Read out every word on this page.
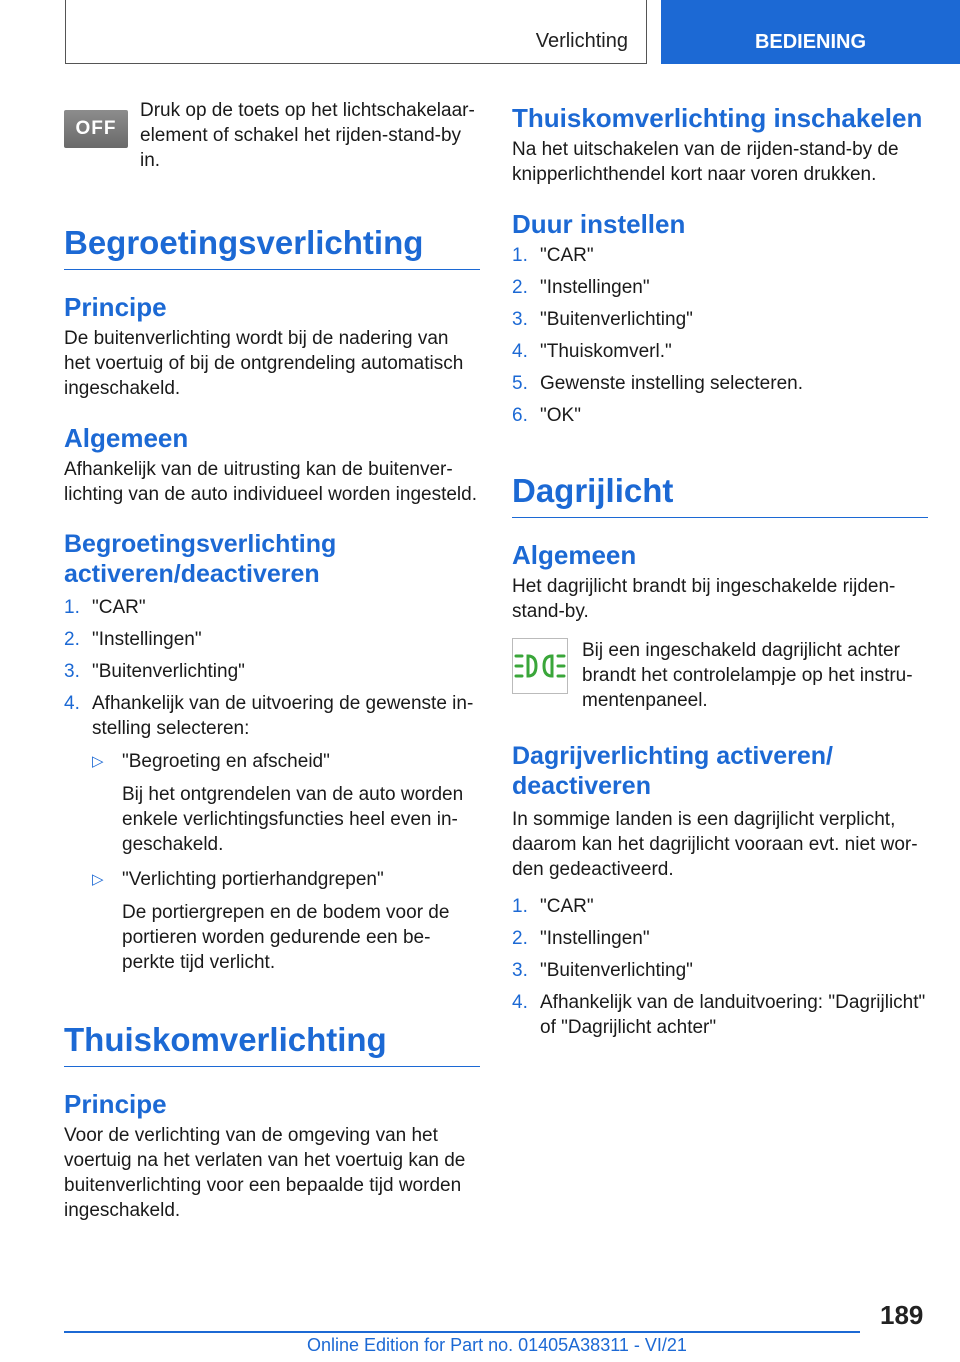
Verlichting	BEDIENING
OFF

Druk op de toets op het lichtschakelaar-element of schakel het rijden-stand-by in.

Begroetingsverlichting
Principe

De buitenverlichting wordt bij de nadering van het voertuig of bij de ontgrendeling automatisch ingeschakeld.

Algemeen

Afhankelijk van de uitrusting kan de buitenver-lichting van de auto individueel worden ingesteld.

Begroetingsverlichting activeren/deactiveren
1. "CAR"
2. "Instellingen"
3. "Buitenverlichting"
4. Afhankelijk van de uitvoering de gewenste in-stelling selecteren:
▷ "Begroeting en afscheid"
Bij het ontgrendelen van de auto worden enkele verlichtingsfuncties heel even in-geschakeld.
▷ "Verlichting portierhandgrepen"
De portiergrepen en de bodem voor de portieren worden gedurende een be-perkte tijd verlicht.
Thuiskomverlichting
Principe

Voor de verlichting van de omgeving van het voertuig na het verlaten van het voertuig kan de buitenverlichting voor een bepaalde tijd worden ingeschakeld.

Thuiskomverlichting inschakelen

Na het uitschakelen van de rijden-stand-by de knipperlichthendel kort naar voren drukken.

Duur instellen
1. "CAR"
2. "Instellingen"
3. "Buitenverlichting"
4. "Thuiskomverl."
5. Gewenste instelling selecteren.
6. "OK"
Dagrijlicht
Algemeen

Het dagrijlicht brandt bij ingeschakelde rijden-stand-by.

Bij een ingeschakeld dagrijlicht achter brandt het controlelampje op het instru-mentenpaneel.

Dagrijverlichting activeren/ deactiveren

In sommige landen is een dagrijlicht verplicht, daarom kan het dagrijlicht vooraan evt. niet wor-den gedeactiveerd.

1. "CAR"
2. "Instellingen"
3. "Buitenverlichting"
4. Afhankelijk van de landuitvoering: "Dagrijlicht" of "Dagrijlicht achter"
189
Online Edition for Part no. 01405A38311 - VI/21
